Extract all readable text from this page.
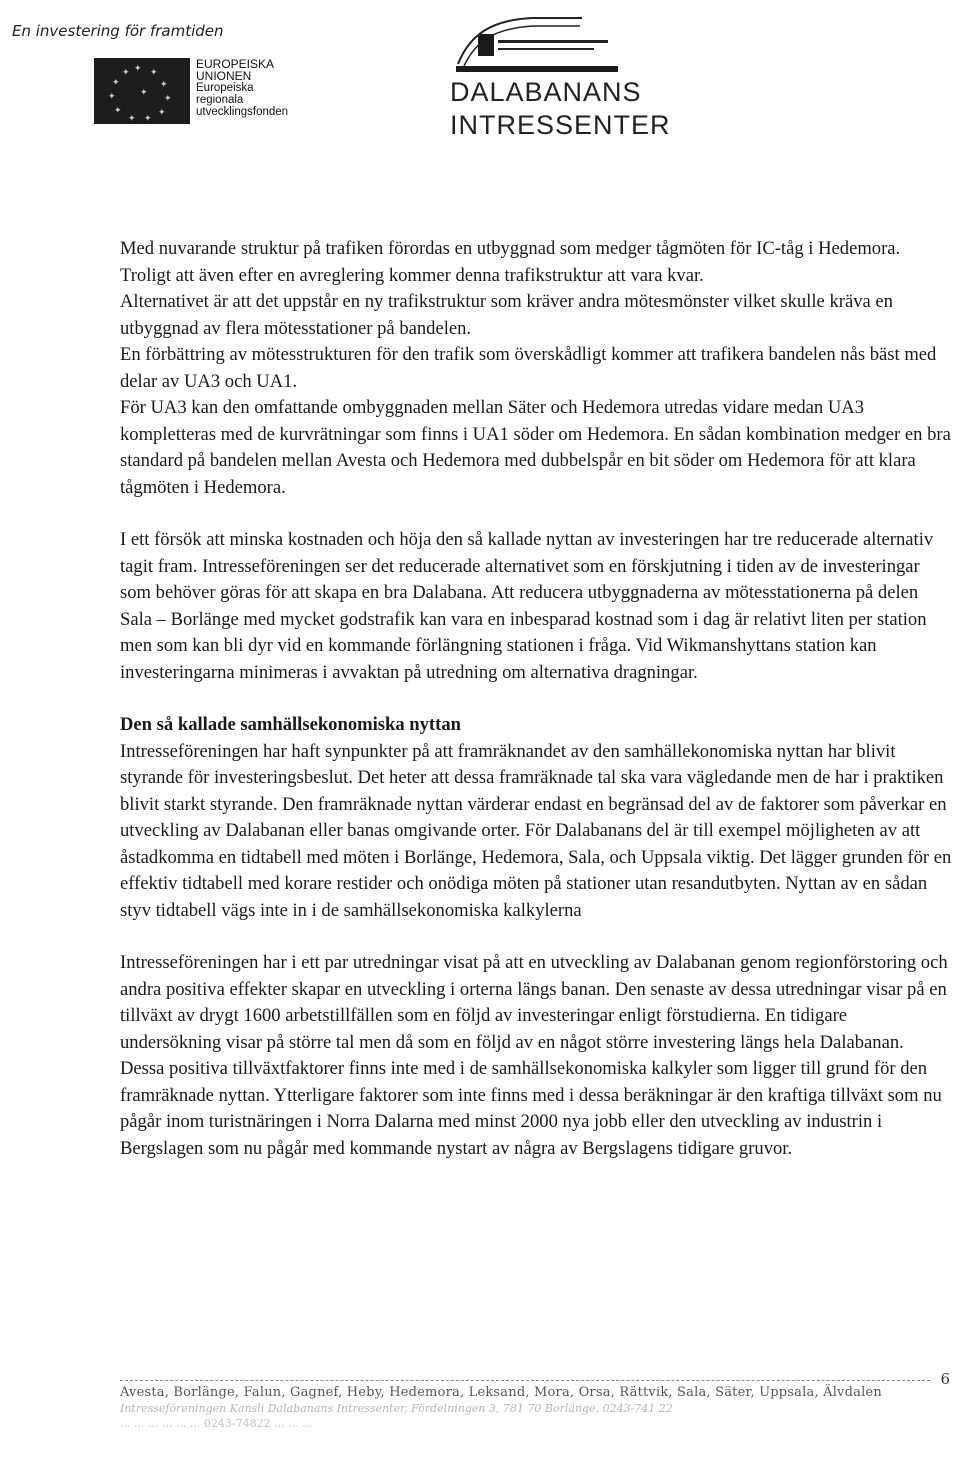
En investering för framtiden
✦ ✦
✦
✦
✦
✦
✦
✦
✦
✦
✦
✦
EUROPEISKA
UNIONEN
Europeiska
regionala
utvecklingsfonden
DALABANANS
INTRESSENTER

Med nuvarande struktur på trafiken förordas en utbyggnad som medger tågmöten för IC-tåg i Hedemora. Troligt att även efter en avreglering kommer denna trafikstruktur att vara kvar.

Alternativet är att det uppstår en ny trafikstruktur som kräver andra mötesmönster vilket skulle kräva en utbyggnad av flera mötesstationer på bandelen.

En förbättring av mötesstrukturen för den trafik som överskådligt kommer att trafikera bandelen nås bäst med delar av UA3 och UA1.

För UA3 kan den omfattande ombyggnaden mellan Säter och Hedemora utredas vidare medan UA3 kompletteras med de kurvrätningar som finns i UA1 söder om Hedemora. En sådan kombination medger en bra standard på bandelen mellan Avesta och Hedemora med dubbelspår en bit söder om Hedemora för att klara tågmöten i Hedemora.

I ett försök att minska kostnaden och höja den så kallade nyttan av investeringen har tre reducerade alternativ tagit fram. Intresseföreningen ser det reducerade alternativet som en förskjutning i tiden av de investeringar som behöver göras för att skapa en bra Dalabana. Att reducera utbyggnaderna av mötesstationerna på delen Sala – Borlänge med mycket godstrafik kan vara en inbesparad kostnad som i dag är relativt liten per station men som kan bli dyr vid en kommande förlängning stationen i fråga. Vid Wikmanshyttans station kan investeringarna minimeras i avvaktan på utredning om alternativa dragningar.

Den så kallade samhällsekonomiska nyttan

Intresseföreningen har haft synpunkter på att framräknandet av den samhällekonomiska nyttan har blivit styrande för investeringsbeslut. Det heter att dessa framräknade tal ska vara vägledande men de har i praktiken blivit starkt styrande. Den framräknade nyttan värderar endast en begränsad del av de faktorer som påverkar en utveckling av Dalabanan eller banas omgivande orter. För Dalabanans del är till exempel möjligheten av att åstadkomma en tidtabell med möten i Borlänge, Hedemora, Sala, och Uppsala viktig. Det lägger grunden för en effektiv tidtabell med korare restider och onödiga möten på stationer utan resandutbyten. Nyttan av en sådan styv tidtabell vägs inte in i de samhällsekonomiska kalkylerna

Intresseföreningen har i ett par utredningar visat på att en utveckling av Dalabanan genom regionförstoring och andra positiva effekter skapar en utveckling i orterna längs banan. Den senaste av dessa utredningar visar på en tillväxt av drygt 1600 arbetstillfällen som en följd av investeringar enligt förstudierna. En tidigare undersökning visar på större tal men då som en följd av en något större investering längs hela Dalabanan. Dessa positiva tillväxtfaktorer finns inte med i de samhällsekonomiska kalkyler som ligger till grund för den framräknade nyttan. Ytterligare faktorer som inte finns med i dessa beräkningar är den kraftiga tillväxt som nu pågår inom turistnäringen i Norra Dalarna med minst 2000 nya jobb eller den utveckling av industrin i Bergslagen som nu pågår med kommande nystart av några av Bergslagens tidigare gruvor.

6
Avesta, Borlänge, Falun, Gagnef, Heby, Hedemora, Leksand, Mora, Orsa, Rättvik, Sala, Säter, Uppsala, Älvdalen
Intresseföreningen Kansli Dalabanans Intressenter, Fördelningen 3, 781 70 Borlänge, 0243-741 22
... ... ... ... ... ... 0243-74822 ... ... ...
